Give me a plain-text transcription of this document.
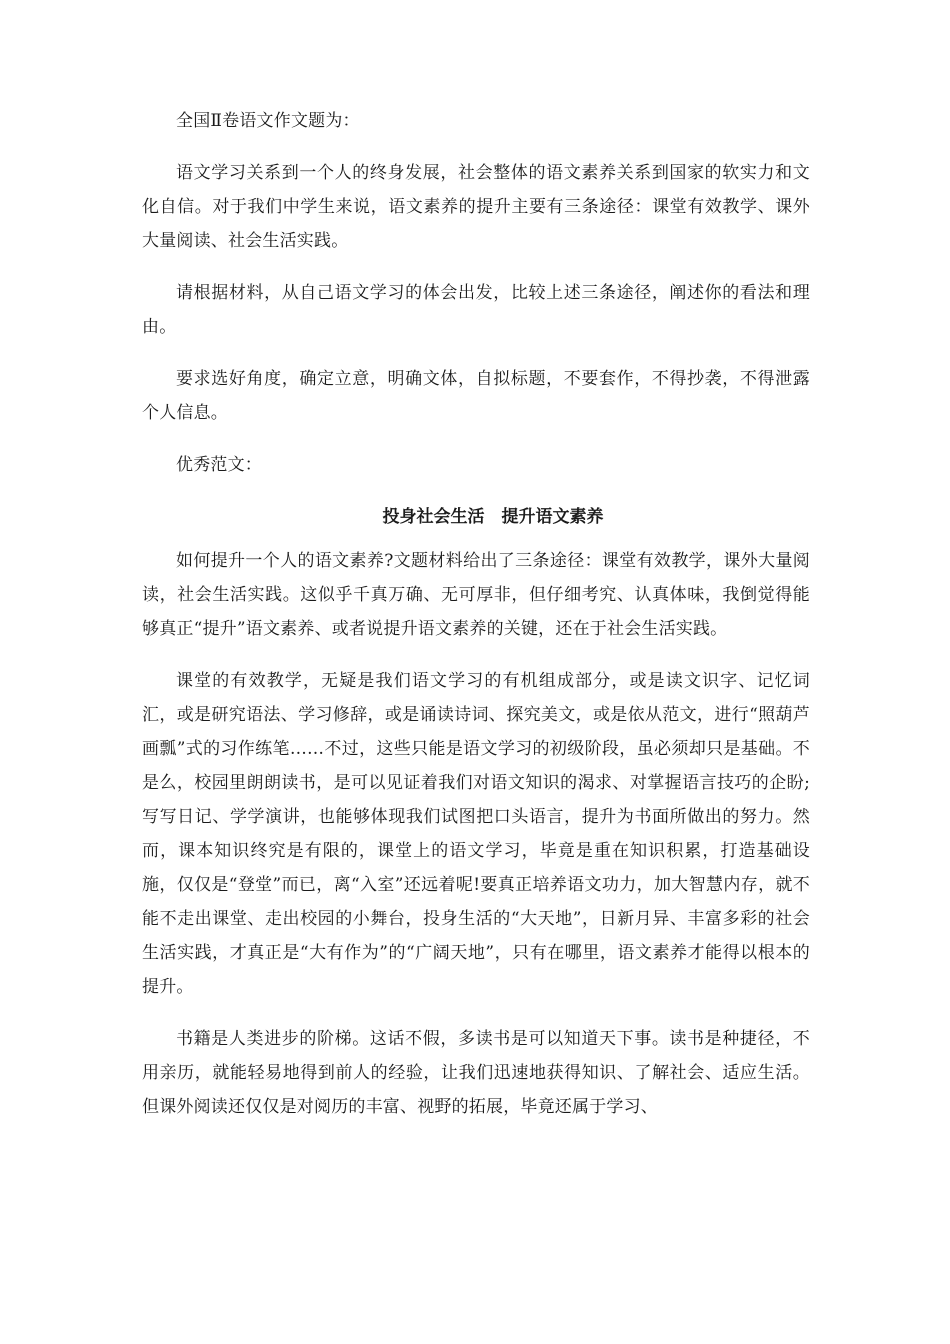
全国Ⅱ卷语文作文题为：

语文学习关系到一个人的终身发展，社会整体的语文素养关系到国家的软实力和文化自信。对于我们中学生来说，语文素养的提升主要有三条途径：课堂有效教学、课外大量阅读、社会生活实践。

请根据材料，从自己语文学习的体会出发，比较上述三条途径，阐述你的看法和理由。

要求选好角度，确定立意，明确文体，自拟标题，不要套作，不得抄袭，不得泄露个人信息。

优秀范文：

投身社会生活　提升语文素养

如何提升一个人的语文素养?文题材料给出了三条途径：课堂有效教学，课外大量阅读，社会生活实践。这似乎千真万确、无可厚非，但仔细考究、认真体味，我倒觉得能够真正“提升”语文素养、或者说提升语文素养的关键，还在于社会生活实践。

课堂的有效教学，无疑是我们语文学习的有机组成部分，或是读文识字、记忆词汇，或是研究语法、学习修辞，或是诵读诗词、探究美文，或是依从范文，进行“照葫芦画瓢”式的习作练笔……不过，这些只能是语文学习的初级阶段，虽必须却只是基础。不是么，校园里朗朗读书，是可以见证着我们对语文知识的渴求、对掌握语言技巧的企盼;写写日记、学学演讲，也能够体现我们试图把口头语言，提升为书面所做出的努力。然而，课本知识终究是有限的，课堂上的语文学习，毕竟是重在知识积累，打造基础设施，仅仅是“登堂”而已，离“入室”还远着呢!要真正培养语文功力，加大智慧内存，就不能不走出课堂、走出校园的小舞台，投身生活的“大天地”，日新月异、丰富多彩的社会生活实践，才真正是“大有作为”的“广阔天地”，只有在哪里，语文素养才能得以根本的提升。

书籍是人类进步的阶梯。这话不假，多读书是可以知道天下事。读书是种捷径，不用亲历，就能轻易地得到前人的经验，让我们迅速地获得知识、了解社会、适应生活。但课外阅读还仅仅是对阅历的丰富、视野的拓展，毕竟还属于学习、
